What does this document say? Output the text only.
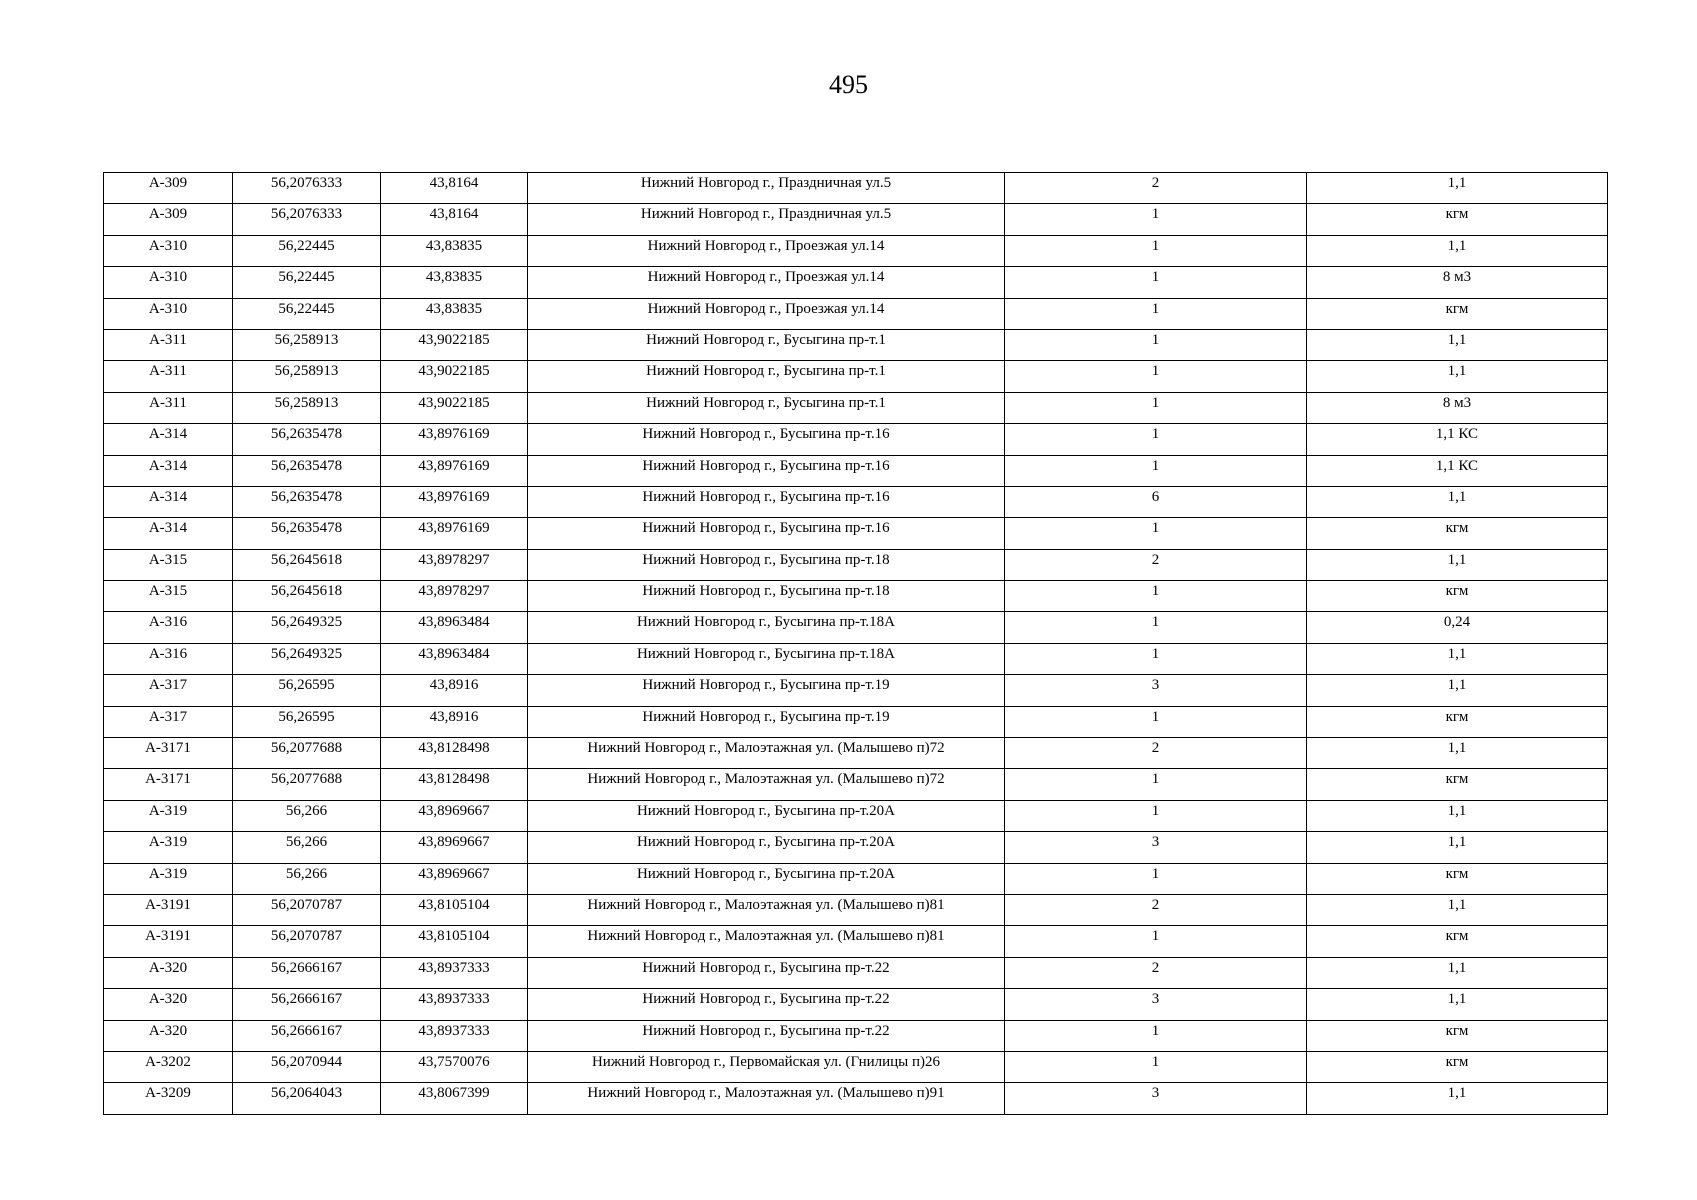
495
А-309	56,2076333	43,8164	Нижний Новгород г., Праздничная ул.5	2	1,1
А-309	56,2076333	43,8164	Нижний Новгород г., Праздничная ул.5	1	кгм
А-310	56,22445	43,83835	Нижний Новгород г., Проезжая ул.14	1	1,1
А-310	56,22445	43,83835	Нижний Новгород г., Проезжая ул.14	1	8 м3
А-310	56,22445	43,83835	Нижний Новгород г., Проезжая ул.14	1	кгм
А-311	56,258913	43,9022185	Нижний Новгород г., Бусыгина пр-т.1	1	1,1
А-311	56,258913	43,9022185	Нижний Новгород г., Бусыгина пр-т.1	1	1,1
А-311	56,258913	43,9022185	Нижний Новгород г., Бусыгина пр-т.1	1	8 м3
А-314	56,2635478	43,8976169	Нижний Новгород г., Бусыгина пр-т.16	1	1,1 КС
А-314	56,2635478	43,8976169	Нижний Новгород г., Бусыгина пр-т.16	1	1,1 КС
А-314	56,2635478	43,8976169	Нижний Новгород г., Бусыгина пр-т.16	6	1,1
А-314	56,2635478	43,8976169	Нижний Новгород г., Бусыгина пр-т.16	1	кгм
А-315	56,2645618	43,8978297	Нижний Новгород г., Бусыгина пр-т.18	2	1,1
А-315	56,2645618	43,8978297	Нижний Новгород г., Бусыгина пр-т.18	1	кгм
А-316	56,2649325	43,8963484	Нижний Новгород г., Бусыгина пр-т.18А	1	0,24
А-316	56,2649325	43,8963484	Нижний Новгород г., Бусыгина пр-т.18А	1	1,1
А-317	56,26595	43,8916	Нижний Новгород г., Бусыгина пр-т.19	3	1,1
А-317	56,26595	43,8916	Нижний Новгород г., Бусыгина пр-т.19	1	кгм
А-3171	56,2077688	43,8128498	Нижний Новгород г., Малоэтажная ул. (Малышево п)72	2	1,1
А-3171	56,2077688	43,8128498	Нижний Новгород г., Малоэтажная ул. (Малышево п)72	1	кгм
А-319	56,266	43,8969667	Нижний Новгород г., Бусыгина пр-т.20А	1	1,1
А-319	56,266	43,8969667	Нижний Новгород г., Бусыгина пр-т.20А	3	1,1
А-319	56,266	43,8969667	Нижний Новгород г., Бусыгина пр-т.20А	1	кгм
А-3191	56,2070787	43,8105104	Нижний Новгород г., Малоэтажная ул. (Малышево п)81	2	1,1
А-3191	56,2070787	43,8105104	Нижний Новгород г., Малоэтажная ул. (Малышево п)81	1	кгм
А-320	56,2666167	43,8937333	Нижний Новгород г., Бусыгина пр-т.22	2	1,1
А-320	56,2666167	43,8937333	Нижний Новгород г., Бусыгина пр-т.22	3	1,1
А-320	56,2666167	43,8937333	Нижний Новгород г., Бусыгина пр-т.22	1	кгм
А-3202	56,2070944	43,7570076	Нижний Новгород г., Первомайская ул. (Гнилицы п)26	1	кгм
А-3209	56,2064043	43,8067399	Нижний Новгород г., Малоэтажная ул. (Малышево п)91	3	1,1
